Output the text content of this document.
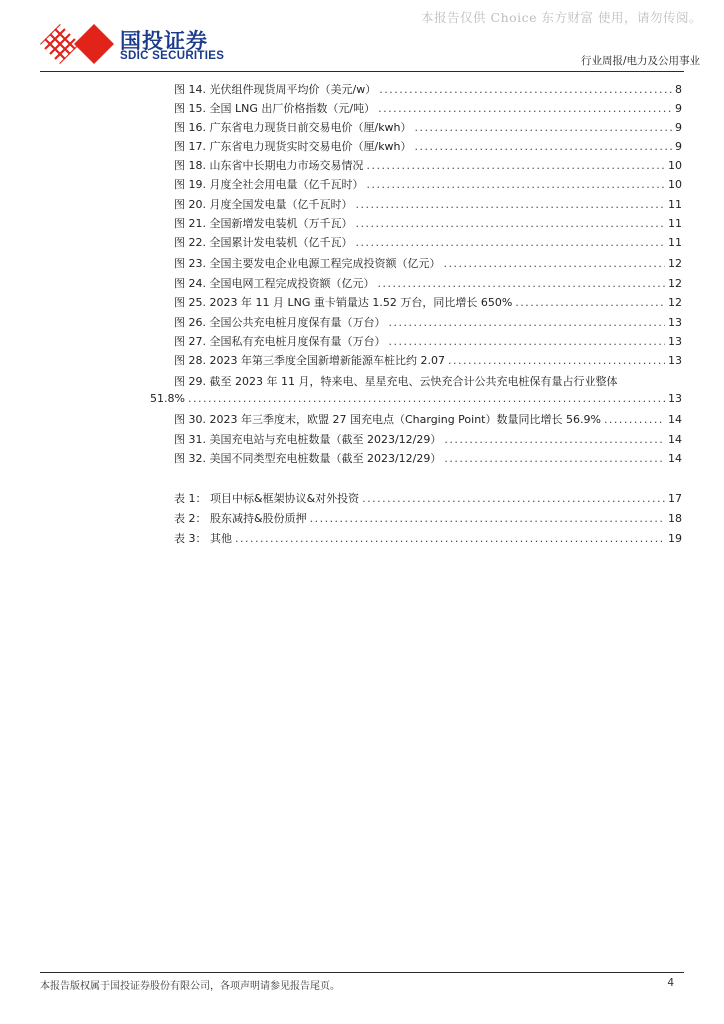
本报告仅供 Choice 东方财富 使用，请勿传阅。
国投证券
SDIC SECURITIES	行业周报/电力及公用事业
图 14. 光伏组件现货周平均价（美元/w） .....	8
图 15. 全国 LNG 出厂价格指数（元/吨） .....	9
图 16. 广东省电力现货日前交易电价（厘/kwh） .....	9
图 17. 广东省电力现货实时交易电价（厘/kwh） .....	9
图 18. 山东省中长期电力市场交易情况 .....	10
图 19. 月度全社会用电量（亿千瓦时） .....	10
图 20. 月度全国发电量（亿千瓦时） .....	11
图 21. 全国新增发电装机（万千瓦） .....	11
图 22. 全国累计发电装机（亿千瓦） .....	11
图 23. 全国主要发电企业电源工程完成投资额（亿元） .....	12
图 24. 全国电网工程完成投资额（亿元） .....	12
图 25. 2023 年 11 月 LNG 重卡销量达 1.52 万台，同比增长 650% .....	12
图 26. 全国公共充电桩月度保有量（万台） .....	13
图 27. 全国私有充电桩月度保有量（万台） .....	13
图 28. 2023 年第三季度全国新增新能源车桩比约 2.07 .....	13
图 29. 截至 2023 年 11 月，特来电、星星充电、云快充合计公共充电桩保有量占行业整体
51.8% .....	13
图 30. 2023 年三季度末，欧盟 27 国充电点（Charging Point）数量同比增长 56.9% .....	14
图 31. 美国充电站与充电桩数量（截至 2023/12/29） .....	14
图 32. 美国不同类型充电桩数量（截至 2023/12/29） .....	14
表 1： 项目中标&框架协议&对外投资 .....	17
表 2： 股东减持&股份质押 .....	18
表 3： 其他 .....	19
本报告版权属于国投证券股份有限公司，各项声明请参见报告尾页。	4
